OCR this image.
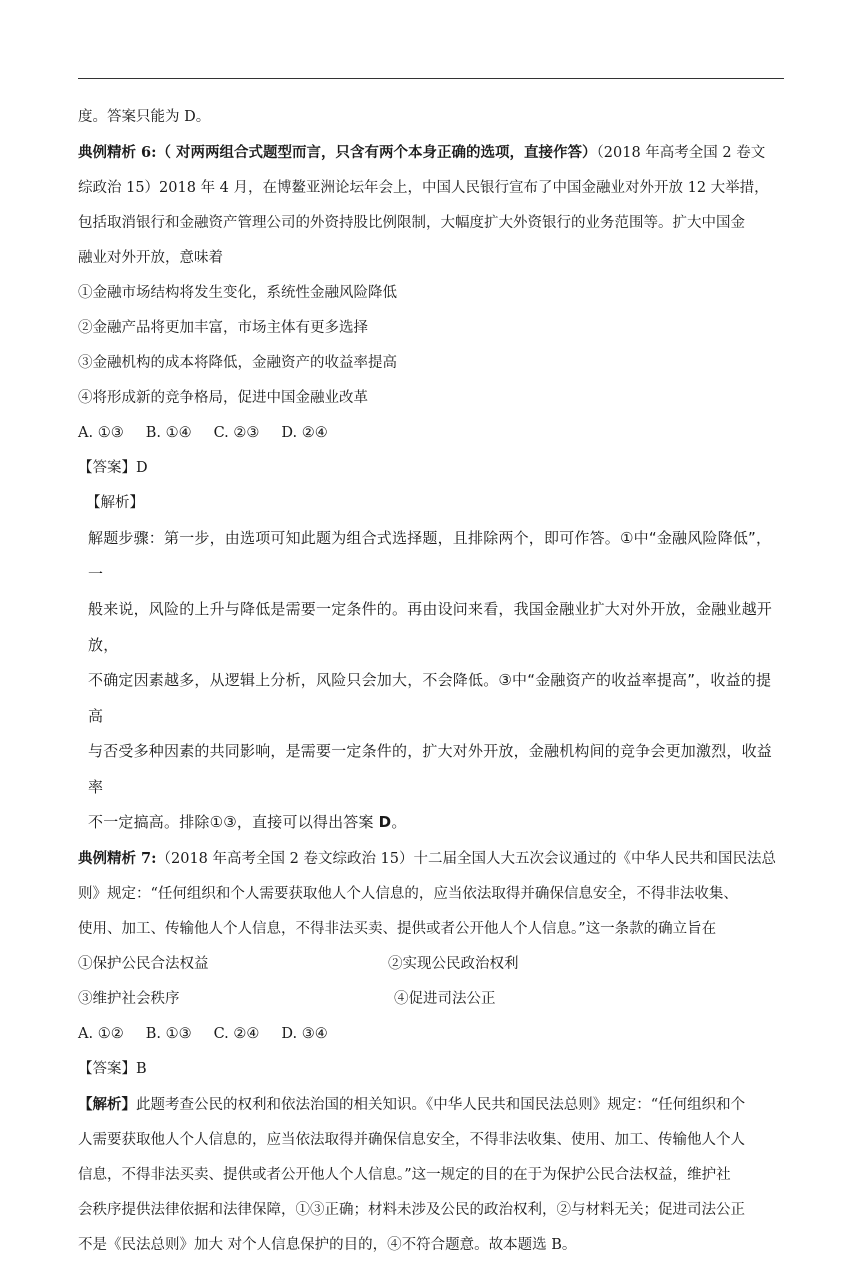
度。答案只能为 D。

典例精析 6:（ 对两两组合式题型而言，只含有两个本身正确的选项，直接作答）（2018 年高考全国 2 卷文

综政治 15）2018 年 4 月，在博鳌亚洲论坛年会上，中国人民银行宣布了中国金融业对外开放 12 大举措，

包括取消银行和金融资产管理公司的外资持股比例限制，大幅度扩大外资银行的业务范围等。扩大中国金

融业对外开放，意味着

①金融市场结构将发生变化，系统性金融风险降低

②金融产品将更加丰富，市场主体有更多选择

③金融机构的成本将降低，金融资产的收益率提高

④将形成新的竞争格局，促进中国金融业改革

A. ①③ B. ①④ C. ②③ D. ②④

【答案】D

【解析】

解题步骤：第一步，由选项可知此题为组合式选择题，且排除两个，即可作答。①中“金融风险降低”，一
般来说，风险的上升与降低是需要一定条件的。再由设问来看，我国金融业扩大对外开放，金融业越开放，
不确定因素越多，从逻辑上分析，风险只会加大，不会降低。③中“金融资产的收益率提高”，收益的提高
与否受多种因素的共同影响，是需要一定条件的，扩大对外开放，金融机构间的竞争会更加激烈，收益率
不一定搞高。排除①③，直接可以得出答案 D。

典例精析 7:（2018 年高考全国 2 卷文综政治 15）十二届全国人大五次会议通过的《中华人民共和国民法总

则》规定：“任何组织和个人需要获取他人个人信息的，应当依法取得并确保信息安全，不得非法收集、

使用、加工、传输他人个人信息，不得非法买卖、提供或者公开他人个人信息。”这一条款的确立旨在

①保护公民合法权益	②实现公民政治权利

③维护社会秩序	④促进司法公正

A. ①② B. ①③ C. ②④ D. ③④

【答案】B

【解析】此题考查公民的权利和依法治国的相关知识。《中华人民共和国民法总则》规定：“任何组织和个

人需要获取他人个人信息的，应当依法取得并确保信息安全，不得非法收集、使用、加工、传输他人个人

信息，不得非法买卖、提供或者公开他人个人信息。”这一规定的目的在于为保护公民合法权益，维护社

会秩序提供法律依据和法律保障，①③正确；材料未涉及公民的政治权利，②与材料无关；促进司法公正

不是《民法总则》加大 对个人信息保护的目的，④不符合题意。故本题选 B。
